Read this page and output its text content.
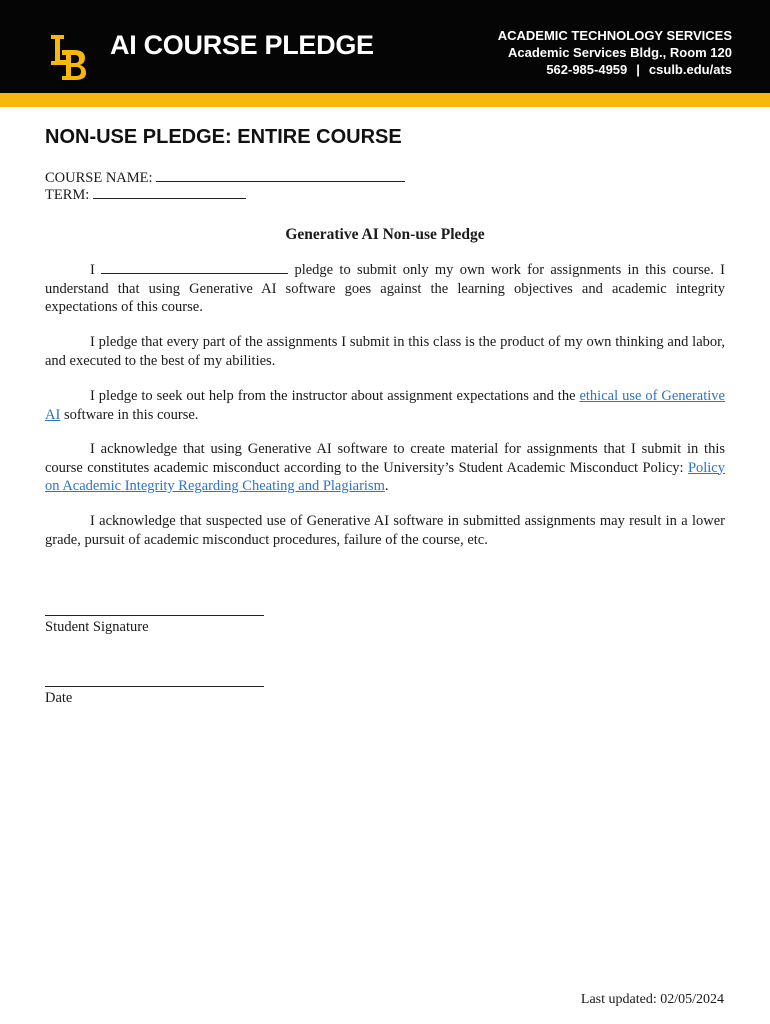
AI COURSE PLEDGE	ACADEMIC TECHNOLOGY SERVICES
Academic Services Bldg., Room 120
562-985-4959 | csulb.edu/ats
NON-USE PLEDGE: ENTIRE COURSE
COURSE NAME:
TERM:
Generative AI Non-use Pledge
I	pledge to submit only my own work for assignments in this course. I understand that using Generative AI software goes against the learning objectives and academic integrity expectations of this course.
I pledge that every part of the assignments I submit in this class is the product of my own thinking and labor, and executed to the best of my abilities.
I pledge to seek out help from the instructor about assignment expectations and the ethical use of Generative AI software in this course.
I acknowledge that using Generative AI software to create material for assignments that I submit in this course constitutes academic misconduct according to the University’s Student Academic Misconduct Policy: Policy on Academic Integrity Regarding Cheating and Plagiarism.
I acknowledge that suspected use of Generative AI software in submitted assignments may result in a lower grade, pursuit of academic misconduct procedures, failure of the course, etc.
Student Signature
Date
Last updated: 02/05/2024
